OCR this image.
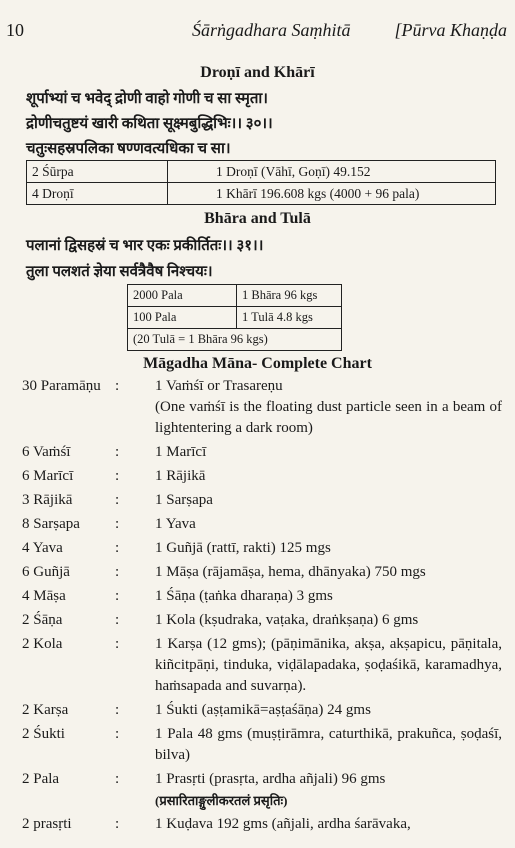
10	Śārṅgadhara Saṃhitā [Pūrva Khaṇḍa
Droṇī and Khārī
शूर्पाभ्यां च भवेद् द्रोणी वाहो गोणी च सा स्मृता।
द्रोणीचतुष्टयं खारी कथिता सूक्ष्मबुद्धिभिः।। ३०।।
चतुःसहस्रपलिका षण्णवत्यधिका च सा।
2 Śūrpa	1 Droṇī (Vāhī, Goṇī) 49.152
4 Droṇī	1 Khārī 196.608 kgs (4000 + 96 pala)
Bhāra and Tulā
पलानां द्विसहस्रं च भार एकः प्रकीर्तितः।। ३१।।
तुला पलशतं ज्ञेया सर्वत्रैवैष निश्चयः।
2000 Pala	1 Bhāra 96 kgs
100 Pala	1 Tulā 4.8 kgs
(20 Tulā = 1 Bhāra 96 kgs)	
Māgadha Māna- Complete Chart
30 Paramāṇu :	1 Vaṁśī or Trasareṇu
(One vaṁśī is the floating dust particle seen in a beam of lightentering a dark room)
6 Vaṁśī	:	1 Marīcī
6 Marīcī	:	1 Rājikā
3 Rājikā	:	1 Sarṣapa
8 Sarṣapa	:	1 Yava
4 Yava	:	1 Guñjā (rattī, rakti) 125 mgs
6 Guñjā	:	1 Māṣa (rājamāṣa, hema, dhānyaka) 750 mgs
4 Māṣa	:	1 Śāṇa (ṭaṅka dharaṇa) 3 gms
2 Śāṇa	:	1 Kola (kṣudraka, vaṭaka, draṅkṣaṇa) 6 gms
2 Kola	:	1 Karṣa (12 gms); (pāṇimānika, akṣa, akṣapicu, pāṇitala, kiñcitpāṇi, tinduka, viḍālapadaka, ṣoḍaśikā, karamadhya, haṁsapada and suvarṇa).
2 Karṣa	:	1 Śukti (aṣṭamikā=aṣṭaśāṇa) 24 gms
2 Śukti	:	1 Pala 48 gms (muṣṭirāmra, caturthikā, prakuñca, ṣoḍaśī, bilva)
2 Pala	:	1 Prasṛti (prasṛta, ardha añjali) 96 gms
(प्रसारिताङ्गुलीकरतलं प्रसृतिः)
2 prasṛti	:	1 Kuḍava 192 gms (añjali, ardha śarāvaka,
